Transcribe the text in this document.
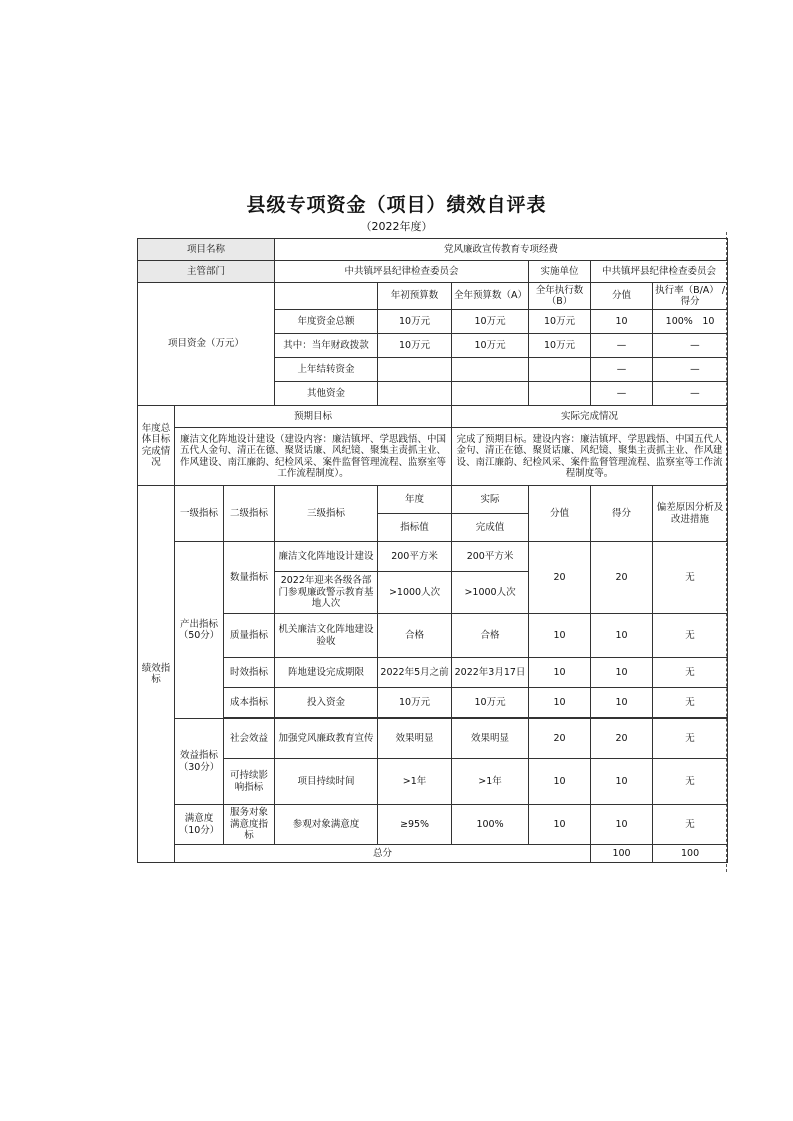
县级专项资金（项目）绩效自评表
（2022年度）
项目名称			党风廉政宣传教育专项经费						
主管部门			中共镇坪县纪律检查委员会			实施单位	中共镇坪县纪律检查委员会		
项目资金（万元）				年初预算数	全年预算数（A）	全年执行数（B）	分值	执行率（B/A） / 得分	
			年度资金总额	10万元	10万元	10万元	10	100%　 10	
			其中：当年财政拨款	10万元	10万元	10万元	—	　—	
			上年结转资金				—	　—	
			其他资金				—	　—	
年度总体目标完成情况	预期目标				实际完成情况				
	廉洁文化阵地设计建设（建设内容：廉洁镇坪、学思践悟、中国五代人金句、清正在德、聚贤话廉、风纪镜、聚集主责抓主业、作风建设、南江廉韵、纪检风采、案件监督管理流程、监察室等工作流程制度）。				完成了预期目标。建设内容：廉洁镇坪、学思践悟、中国五代人金句、清正在德、聚贤话廉、风纪镜、聚集主责抓主业、作风建设、南江廉韵、纪检风采、案件监督管理流程、监察室等工作流程制度等。				
绩效指标	一级指标	二级指标	三级指标	年度	实际	分值	得分	偏差原因分析及改进措施	
				指标值	完成值				
	产出指标（50分）	数量指标	廉洁文化阵地设计建设	200平方米	200平方米	20	20	无	
			2022年迎来各级各部门参观廉政警示教育基地人次	>1000人次	>1000人次				
		质量指标	机关廉洁文化阵地建设验收	合格	合格	10	10	无	
		时效指标	阵地建设完成期限	2022年5月之前	2022年3月17日	10	10	无	
		成本指标	投入资金	10万元	10万元	10	10	无	

	效益指标（30分）	社会效益	加强党风廉政教育宣传	效果明显	效果明显	20	20	无	
		可持续影响指标	项目持续时间	>1年	>1年	10	10	无	
	满意度（10分）	服务对象满意度指标	参观对象满意度	≥95%	100%	10	10	无	
	总分						100	100	
